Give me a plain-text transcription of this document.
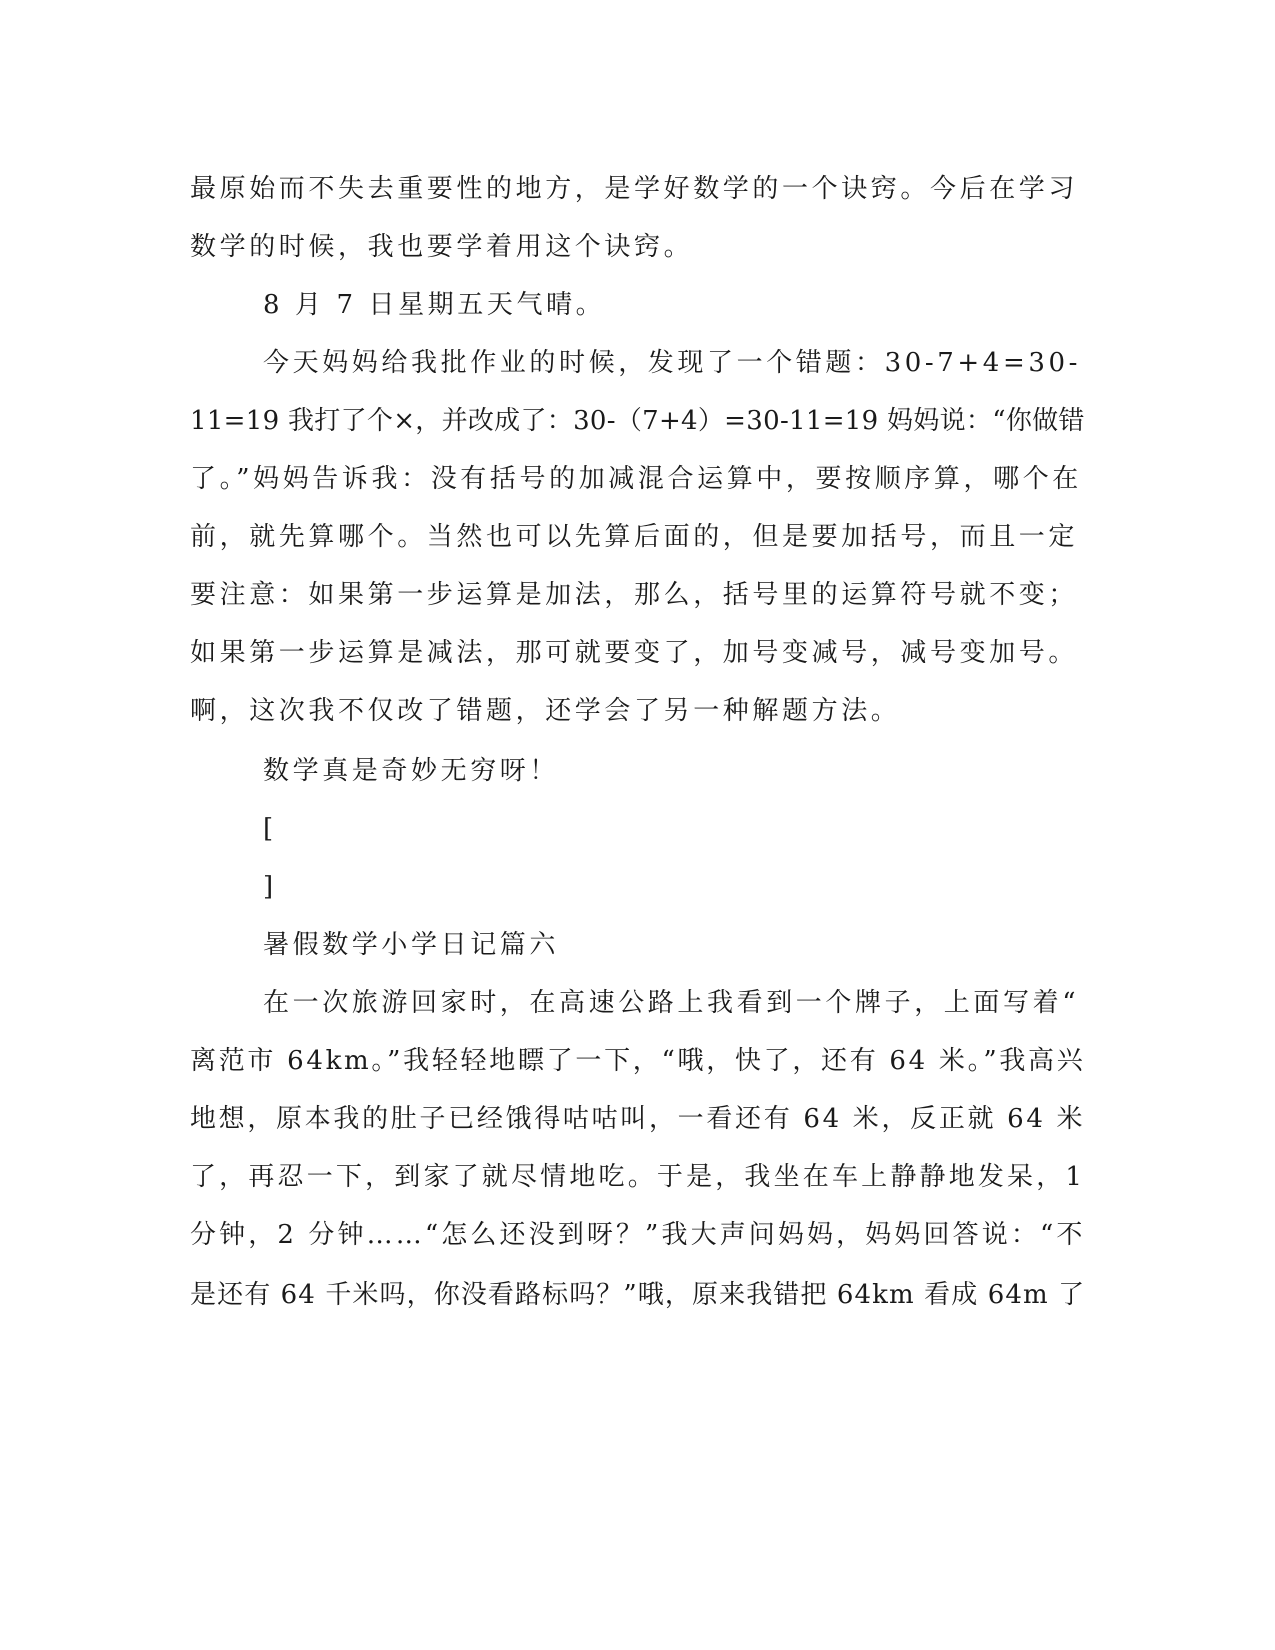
最原始而不失去重要性的地方，是学好数学的一个诀窍。今后在学习

数学的时候，我也要学着用这个诀窍。

8 月 7 日星期五天气晴。

今天妈妈给我批作业的时候，发现了一个错题：30-7+4=30-

11=19 我打了个×，并改成了：30-（7+4）=30-11=19 妈妈说：“你做错

了。”妈妈告诉我：没有括号的加减混合运算中，要按顺序算，哪个在

前，就先算哪个。当然也可以先算后面的，但是要加括号，而且一定

要注意：如果第一步运算是加法，那么，括号里的运算符号就不变；

如果第一步运算是减法，那可就要变了，加号变减号，减号变加号。

啊，这次我不仅改了错题，还学会了另一种解题方法。

数学真是奇妙无穷呀！

[

]

暑假数学小学日记篇六

在一次旅游回家时，在高速公路上我看到一个牌子，上面写着“

离范市 64km。”我轻轻地瞟了一下，“哦，快了，还有 64 米。”我高兴

地想，原本我的肚子已经饿得咕咕叫，一看还有 64 米，反正就 64 米

了，再忍一下，到家了就尽情地吃。于是，我坐在车上静静地发呆，1

分钟，2 分钟……“怎么还没到呀？”我大声问妈妈，妈妈回答说：“不

是还有 64 千米吗，你没看路标吗？”哦，原来我错把 64km 看成 64m 了
